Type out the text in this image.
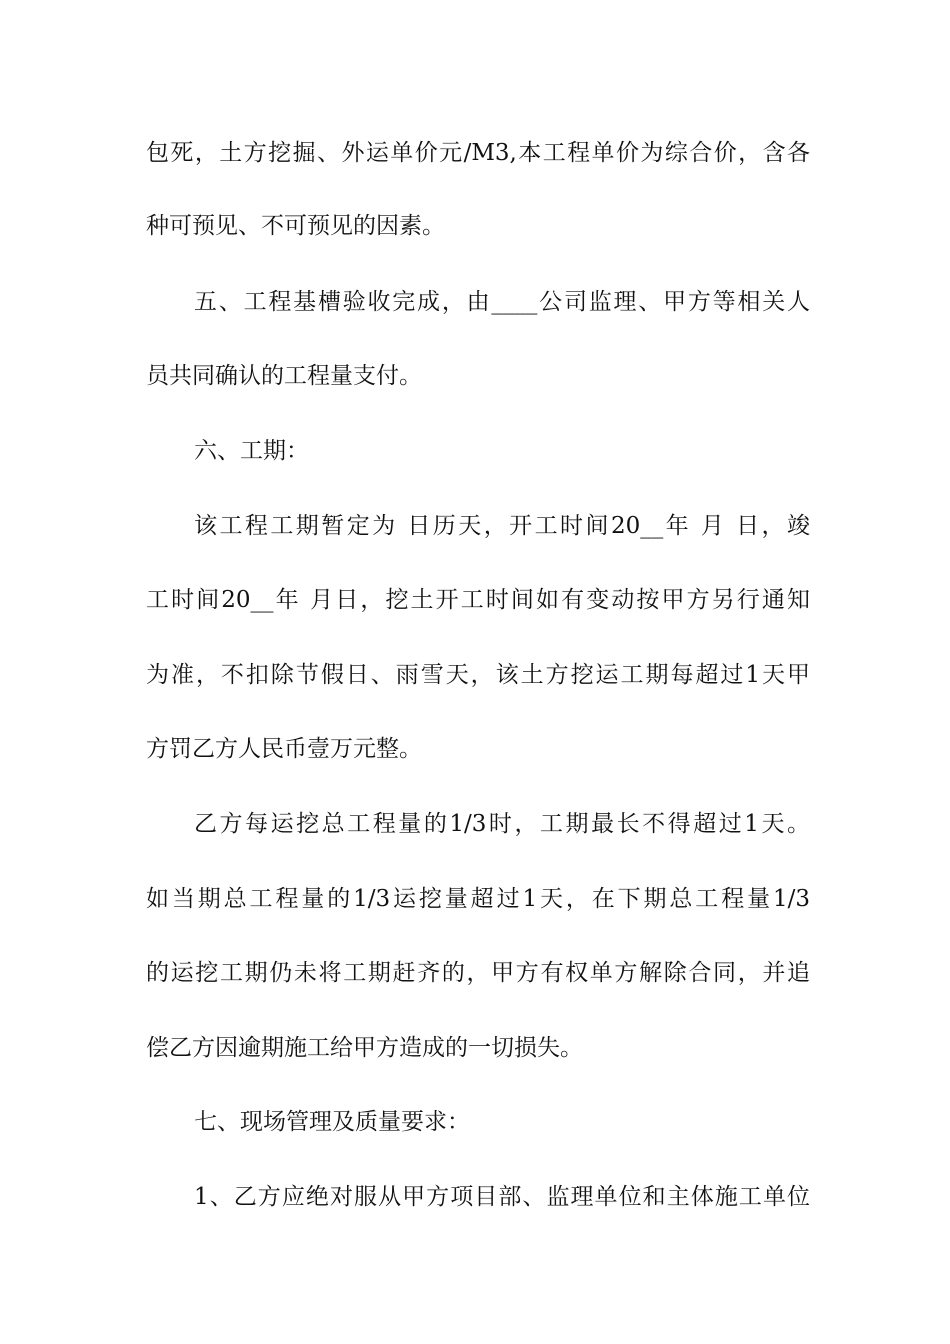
包死，土方挖掘、外运单价元/M3,本工程单价为综合价，含各
种可预见、不可预见的因素。
五、工程基槽验收完成，由____公司监理、甲方等相关人
员共同确认的工程量支付。
六、工期：
该工程工期暂定为 日历天，开工时间20__年 月 日，竣
工时间20__年 月日，挖土开工时间如有变动按甲方另行通知
为准，不扣除节假日、雨雪天，该土方挖运工期每超过1天甲
方罚乙方人民币壹万元整。
乙方每运挖总工程量的1/3时，工期最长不得超过1天。
如当期总工程量的1/3运挖量超过1天，在下期总工程量1/3
的运挖工期仍未将工期赶齐的，甲方有权单方解除合同，并追
偿乙方因逾期施工给甲方造成的一切损失。
七、现场管理及质量要求：
1、乙方应绝对服从甲方项目部、监理单位和主体施工单位
